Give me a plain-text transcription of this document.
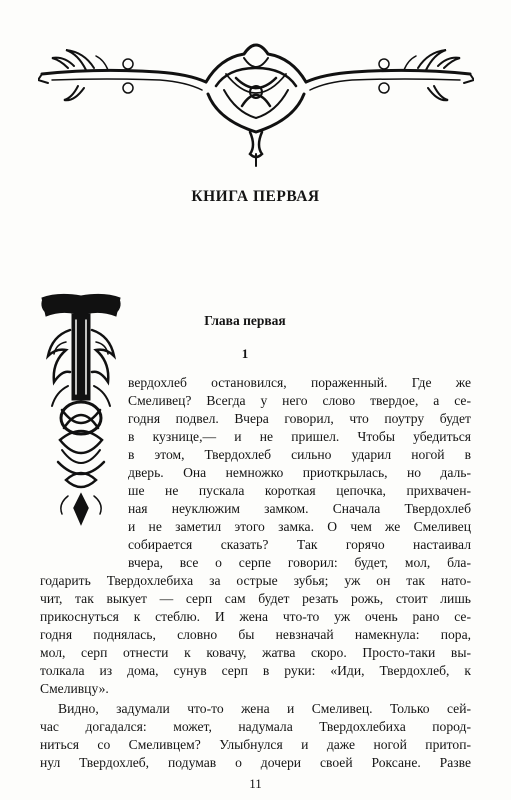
КНИГА ПЕРВАЯ
Глава первая
1
вердохлеб остановился, пораженный. Где же
Смеливец? Всегда у него слово твердое, а се-
годня подвел. Вчера говорил, что поутру будет
в кузнице,— и не пришел. Чтобы убедиться
в этом, Твердохлеб сильно ударил ногой в
дверь. Она немножко приоткрылась, но даль-
ше не пускала короткая цепочка, прихвачен-
ная неуклюжим замком. Сначала Твердохлеб
и не заметил этого замка. О чем же Смеливец
собирается сказать? Так горячо настаивал
вчера, все о серпе говорил: будет, мол, бла-
годарить Твердохлебиха за острые зубья; уж он так нато-
чит, так выкует — серп сам будет резать рожь, стоит лишь
прикоснуться к стеблю. И жена что-то уж очень рано се-
годня поднялась, словно бы невзначай намекнула: пора,
мол, серп отнести к ковачу, жатва скоро. Просто-таки вы-
толкала из дома, сунув серп в руки: «Иди, Твердохлеб, к
Смеливцу».
Видно, задумали что-то жена и Смеливец. Только сей-
час догадался: может, надумала Твердохлебиха пород-
ниться со Смеливцем? Улыбнулся и даже ногой притоп-
нул Твердохлеб, подумав о дочери своей Роксане. Разве
11
